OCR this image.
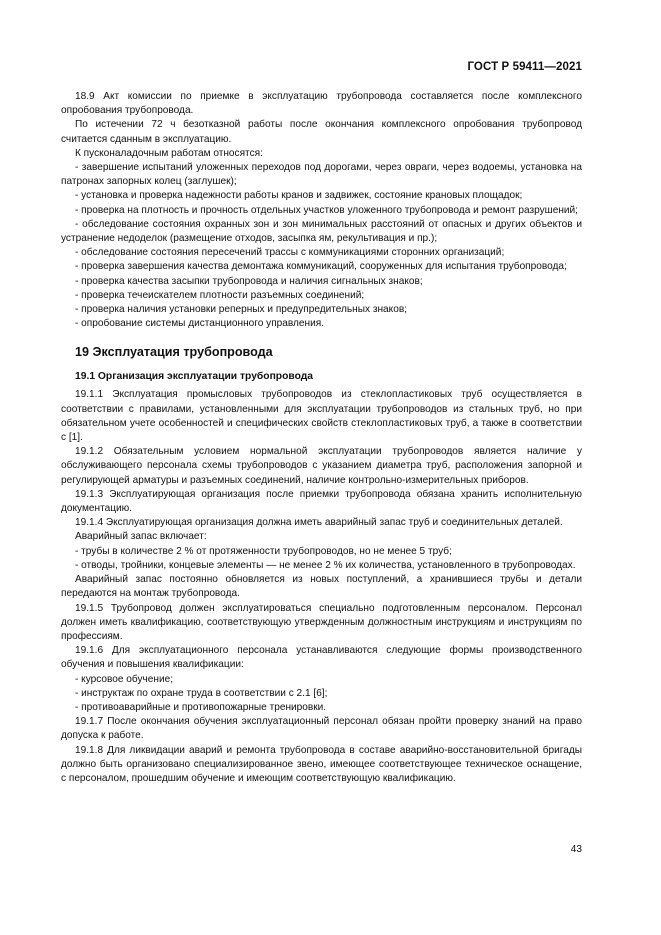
ГОСТ Р 59411—2021

18.9 Акт комиссии по приемке в эксплуатацию трубопровода составляется после комплексного опробования трубопровода.

По истечении 72 ч безотказной работы после окончания комплексного опробования трубопровод считается сданным в эксплуатацию.

К пусконаладочным работам относятся:

- завершение испытаний уложенных переходов под дорогами, через овраги, через водоемы, установка на патронах запорных колец (заглушек);

- установка и проверка надежности работы кранов и задвижек, состояние крановых площадок;

- проверка на плотность и прочность отдельных участков уложенного трубопровода и ремонт разрушений;

- обследование состояния охранных зон и зон минимальных расстояний от опасных и других объектов и устранение недоделок (размещение отходов, засыпка ям, рекультивация и пр.);

- обследование состояния пересечений трассы с коммуникациями сторонних организаций;

- проверка завершения качества демонтажа коммуникаций, сооруженных для испытания трубопровода;

- проверка качества засыпки трубопровода и наличия сигнальных знаков;

- проверка течеискателем плотности разъемных соединений;

- проверка наличия установки реперных и предупредительных знаков;

- опробование системы дистанционного управления.

19 Эксплуатация трубопровода
19.1 Организация эксплуатации трубопровода

19.1.1 Эксплуатация промысловых трубопроводов из стеклопластиковых труб осуществляется в соответствии с правилами, установленными для эксплуатации трубопроводов из стальных труб, но при обязательном учете особенностей и специфических свойств стеклопластиковых труб, а также в соответствии с [1].

19.1.2 Обязательным условием нормальной эксплуатации трубопроводов является наличие у обслуживающего персонала схемы трубопроводов с указанием диаметра труб, расположения запорной и регулирующей арматуры и разъемных соединений, наличие контрольно-измерительных приборов.

19.1.3 Эксплуатирующая организация после приемки трубопровода обязана хранить исполнительную документацию.

19.1.4 Эксплуатирующая организация должна иметь аварийный запас труб и соединительных деталей.

Аварийный запас включает:

- трубы в количестве 2 % от протяженности трубопроводов, но не менее 5 труб;

- отводы, тройники, концевые элементы — не менее 2 % их количества, установленного в трубопроводах.

Аварийный запас постоянно обновляется из новых поступлений, а хранившиеся трубы и детали передаются на монтаж трубопровода.

19.1.5 Трубопровод должен эксплуатироваться специально подготовленным персоналом. Персонал должен иметь квалификацию, соответствующую утвержденным должностным инструкциям и инструкциям по профессиям.

19.1.6 Для эксплуатационного персонала устанавливаются следующие формы производственного обучения и повышения квалификации:

- курсовое обучение;

- инструктаж по охране труда в соответствии с 2.1 [6];

- противоаварийные и противопожарные тренировки.

19.1.7 После окончания обучения эксплуатационный персонал обязан пройти проверку знаний на право допуска к работе.

19.1.8 Для ликвидации аварий и ремонта трубопровода в составе аварийно-восстановительной бригады должно быть организовано специализированное звено, имеющее соответствующее техническое оснащение, с персоналом, прошедшим обучение и имеющим соответствующую квалификацию.

43
